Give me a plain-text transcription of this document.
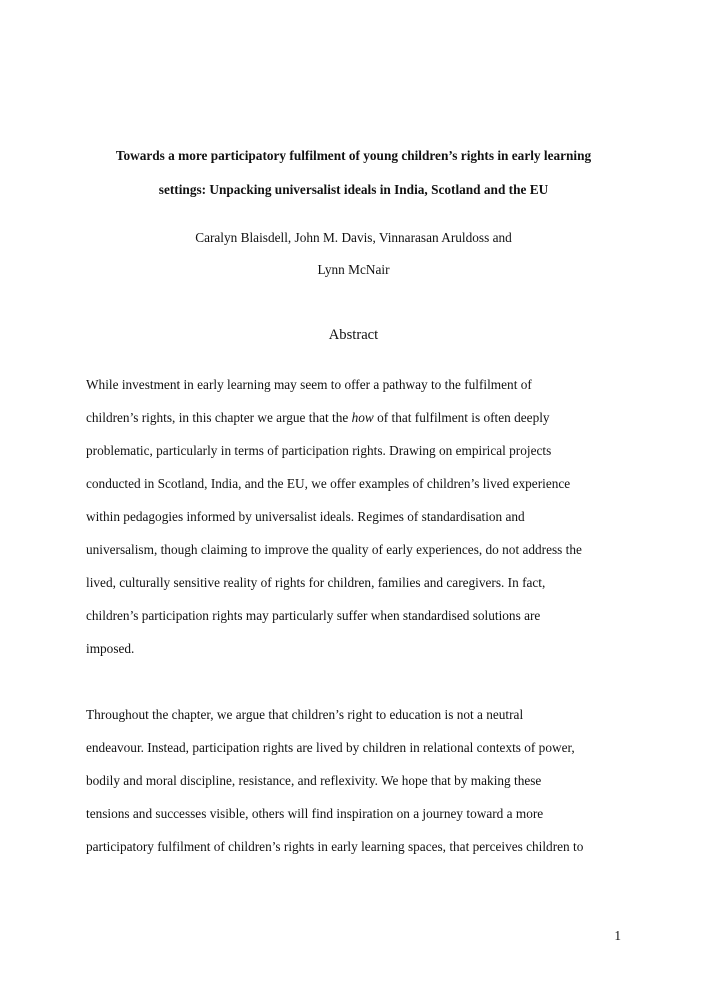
Towards a more participatory fulfilment of young children’s rights in early learning
settings: Unpacking universalist ideals in India, Scotland and the EU
Caralyn Blaisdell, John M. Davis, Vinnarasan Aruldoss and
Lynn McNair
Abstract
While investment in early learning may seem to offer a pathway to the fulfilment of
children’s rights, in this chapter we argue that the how of that fulfilment is often deeply
problematic, particularly in terms of participation rights. Drawing on empirical projects
conducted in Scotland, India, and the EU, we offer examples of children’s lived experience
within pedagogies informed by universalist ideals. Regimes of standardisation and
universalism, though claiming to improve the quality of early experiences, do not address the
lived, culturally sensitive reality of rights for children, families and caregivers. In fact,
children’s participation rights may particularly suffer when standardised solutions are
imposed.
Throughout the chapter, we argue that children’s right to education is not a neutral
endeavour. Instead, participation rights are lived by children in relational contexts of power,
bodily and moral discipline, resistance, and reflexivity. We hope that by making these
tensions and successes visible, others will find inspiration on a journey toward a more
participatory fulfilment of children’s rights in early learning spaces, that perceives children to
1
